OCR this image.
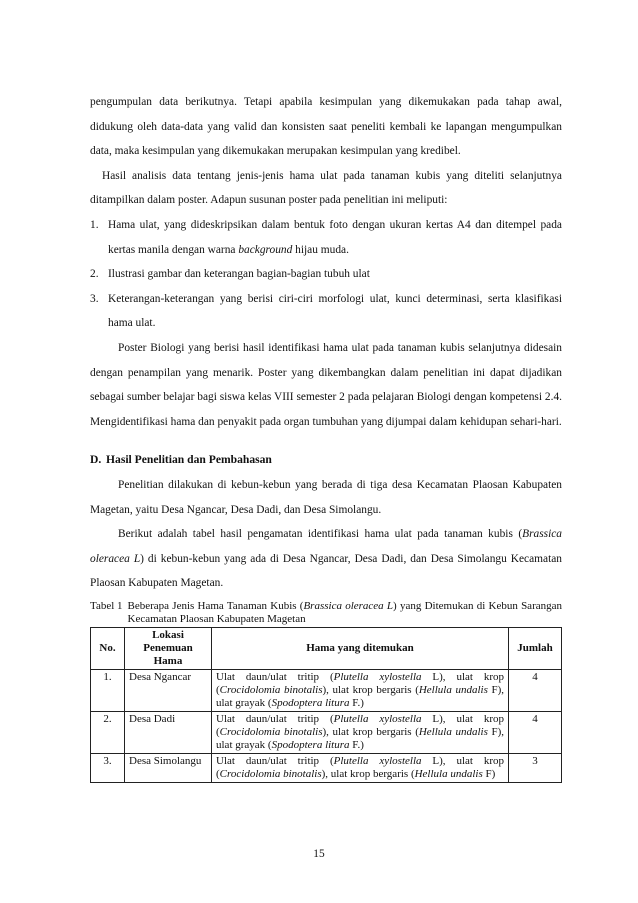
pengumpulan data berikutnya. Tetapi apabila kesimpulan yang dikemukakan pada tahap awal, didukung oleh data-data yang valid dan konsisten saat peneliti kembali ke lapangan mengumpulkan data, maka kesimpulan yang dikemukakan merupakan kesimpulan yang kredibel.

Hasil analisis data tentang jenis-jenis hama ulat pada tanaman kubis yang diteliti selanjutnya ditampilkan dalam poster. Adapun susunan poster pada penelitian ini meliputi:

1. Hama ulat, yang dideskripsikan dalam bentuk foto dengan ukuran kertas A4 dan ditempel pada kertas manila dengan warna background hijau muda.
2. Ilustrasi gambar dan keterangan bagian-bagian tubuh ulat
3. Keterangan-keterangan yang berisi ciri-ciri morfologi ulat, kunci determinasi, serta klasifikasi hama ulat.

Poster Biologi yang berisi hasil identifikasi hama ulat pada tanaman kubis selanjutnya didesain dengan penampilan yang menarik. Poster yang dikembangkan dalam penelitian ini dapat dijadikan sebagai sumber belajar bagi siswa kelas VIII semester 2 pada pelajaran Biologi dengan kompetensi 2.4. Mengidentifikasi hama dan penyakit pada organ tumbuhan yang dijumpai dalam kehidupan sehari-hari.

D. Hasil Penelitian dan Pembahasan

Penelitian dilakukan di kebun-kebun yang berada di tiga desa Kecamatan Plaosan Kabupaten Magetan, yaitu Desa Ngancar, Desa Dadi, dan Desa Simolangu.

Berikut adalah tabel hasil pengamatan identifikasi hama ulat pada tanaman kubis (Brassica oleracea L) di kebun-kebun yang ada di Desa Ngancar, Desa Dadi, dan Desa Simolangu Kecamatan Plaosan Kabupaten Magetan.

Tabel 1 Beberapa Jenis Hama Tanaman Kubis (Brassica oleracea L) yang Ditemukan di Kebun Sarangan Kecamatan Plaosan Kabupaten Magetan
No.	Lokasi Penemuan Hama	Hama yang ditemukan	Jumlah
1.	Desa Ngancar	Ulat daun/ulat tritip (Plutella xylostella L), ulat krop (Crocidolomia binotalis), ulat krop bergaris (Hellula undalis F), ulat grayak (Spodoptera litura F.)	4
2.	Desa Dadi	Ulat daun/ulat tritip (Plutella xylostella L), ulat krop (Crocidolomia binotalis), ulat krop bergaris (Hellula undalis F), ulat grayak (Spodoptera litura F.)	4
3.	Desa Simolangu	Ulat daun/ulat tritip (Plutella xylostella L), ulat krop (Crocidolomia binotalis), ulat krop bergaris (Hellula undalis F)	3
15
